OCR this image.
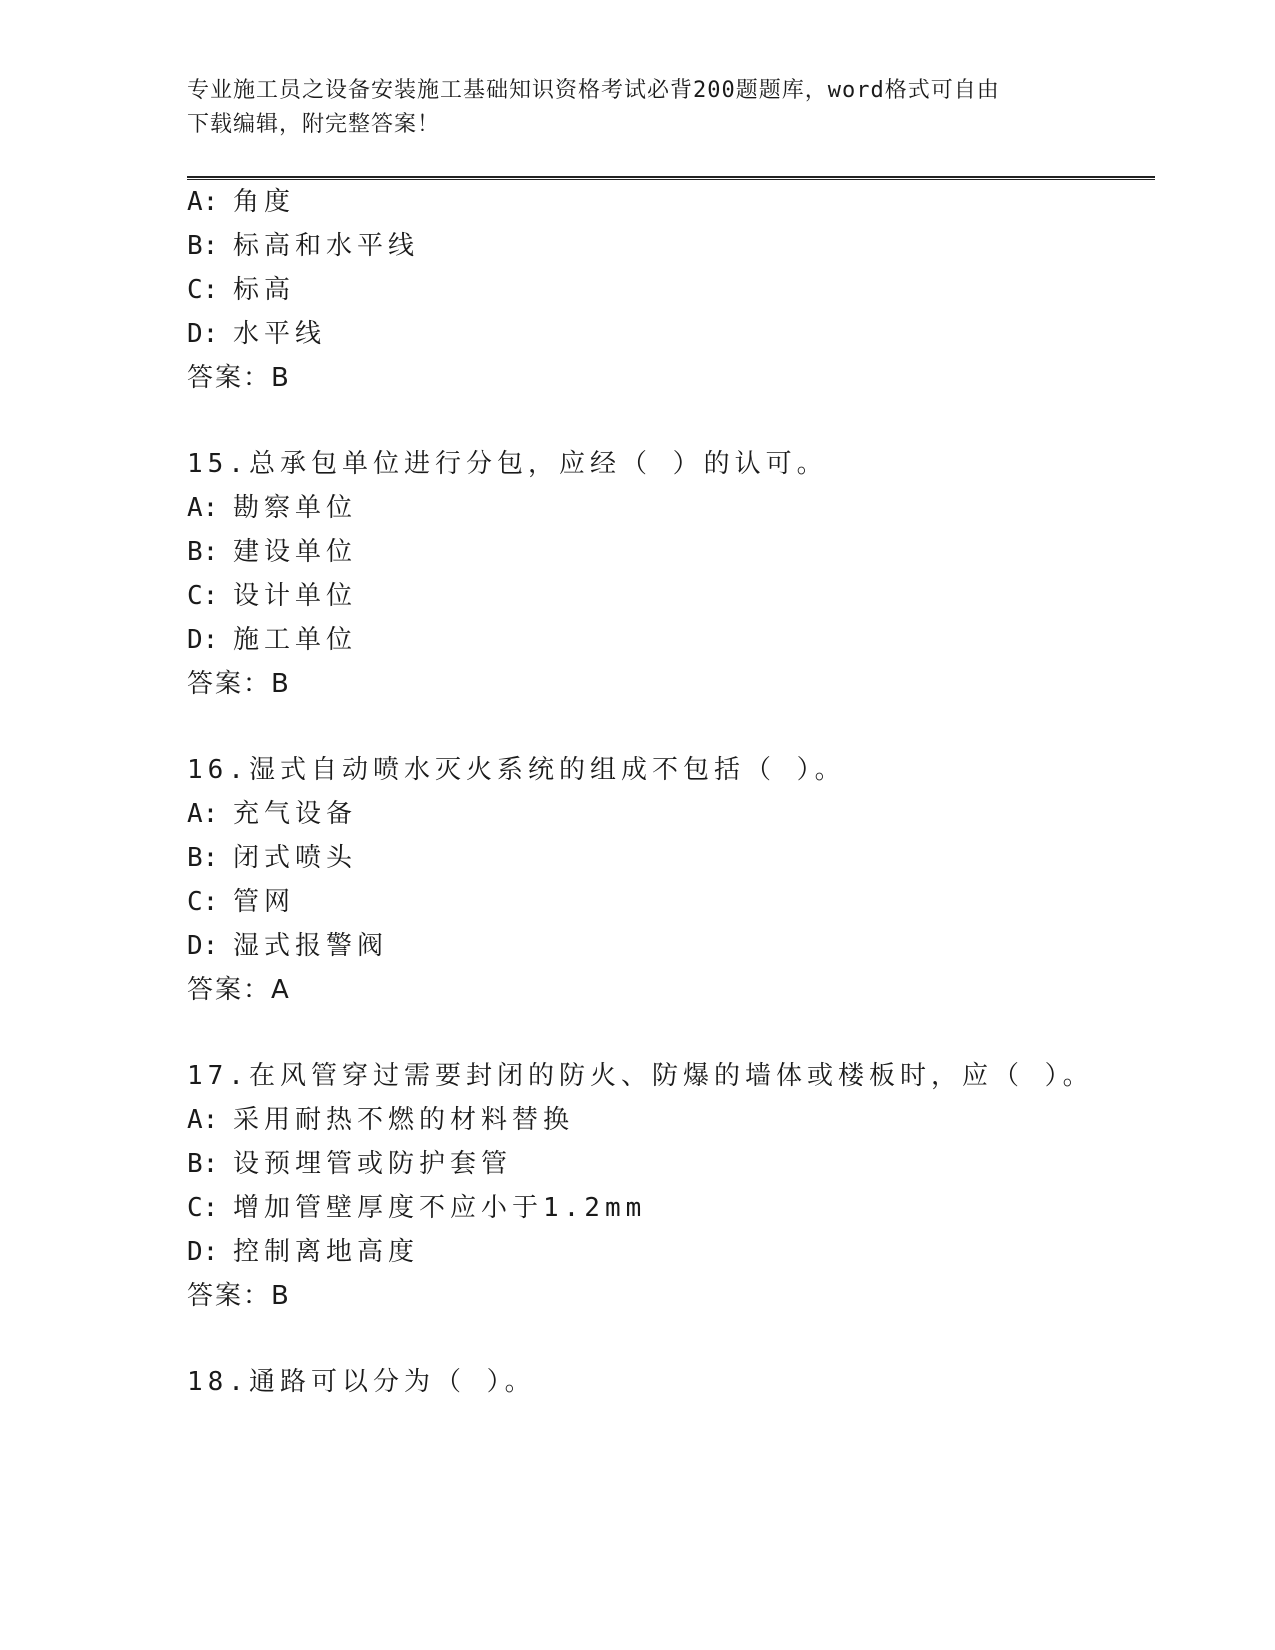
专业施工员之设备安装施工基础知识资格考试必背200题题库，word格式可自由
下载编辑，附完整答案！
A: 角度
B: 标高和水平线
C: 标高
D: 水平线
答案：B
15.总承包单位进行分包，应经（ ）的认可。
A: 勘察单位
B: 建设单位
C: 设计单位
D: 施工单位
答案：B
16.湿式自动喷水灭火系统的组成不包括（ ）。
A: 充气设备
B: 闭式喷头
C: 管网
D: 湿式报警阀
答案：A
17.在风管穿过需要封闭的防火、防爆的墙体或楼板时，应（ ）。
A: 采用耐热不燃的材料替换
B: 设预埋管或防护套管
C: 增加管壁厚度不应小于1.2mm
D: 控制离地高度
答案：B
18.通路可以分为（ ）。
